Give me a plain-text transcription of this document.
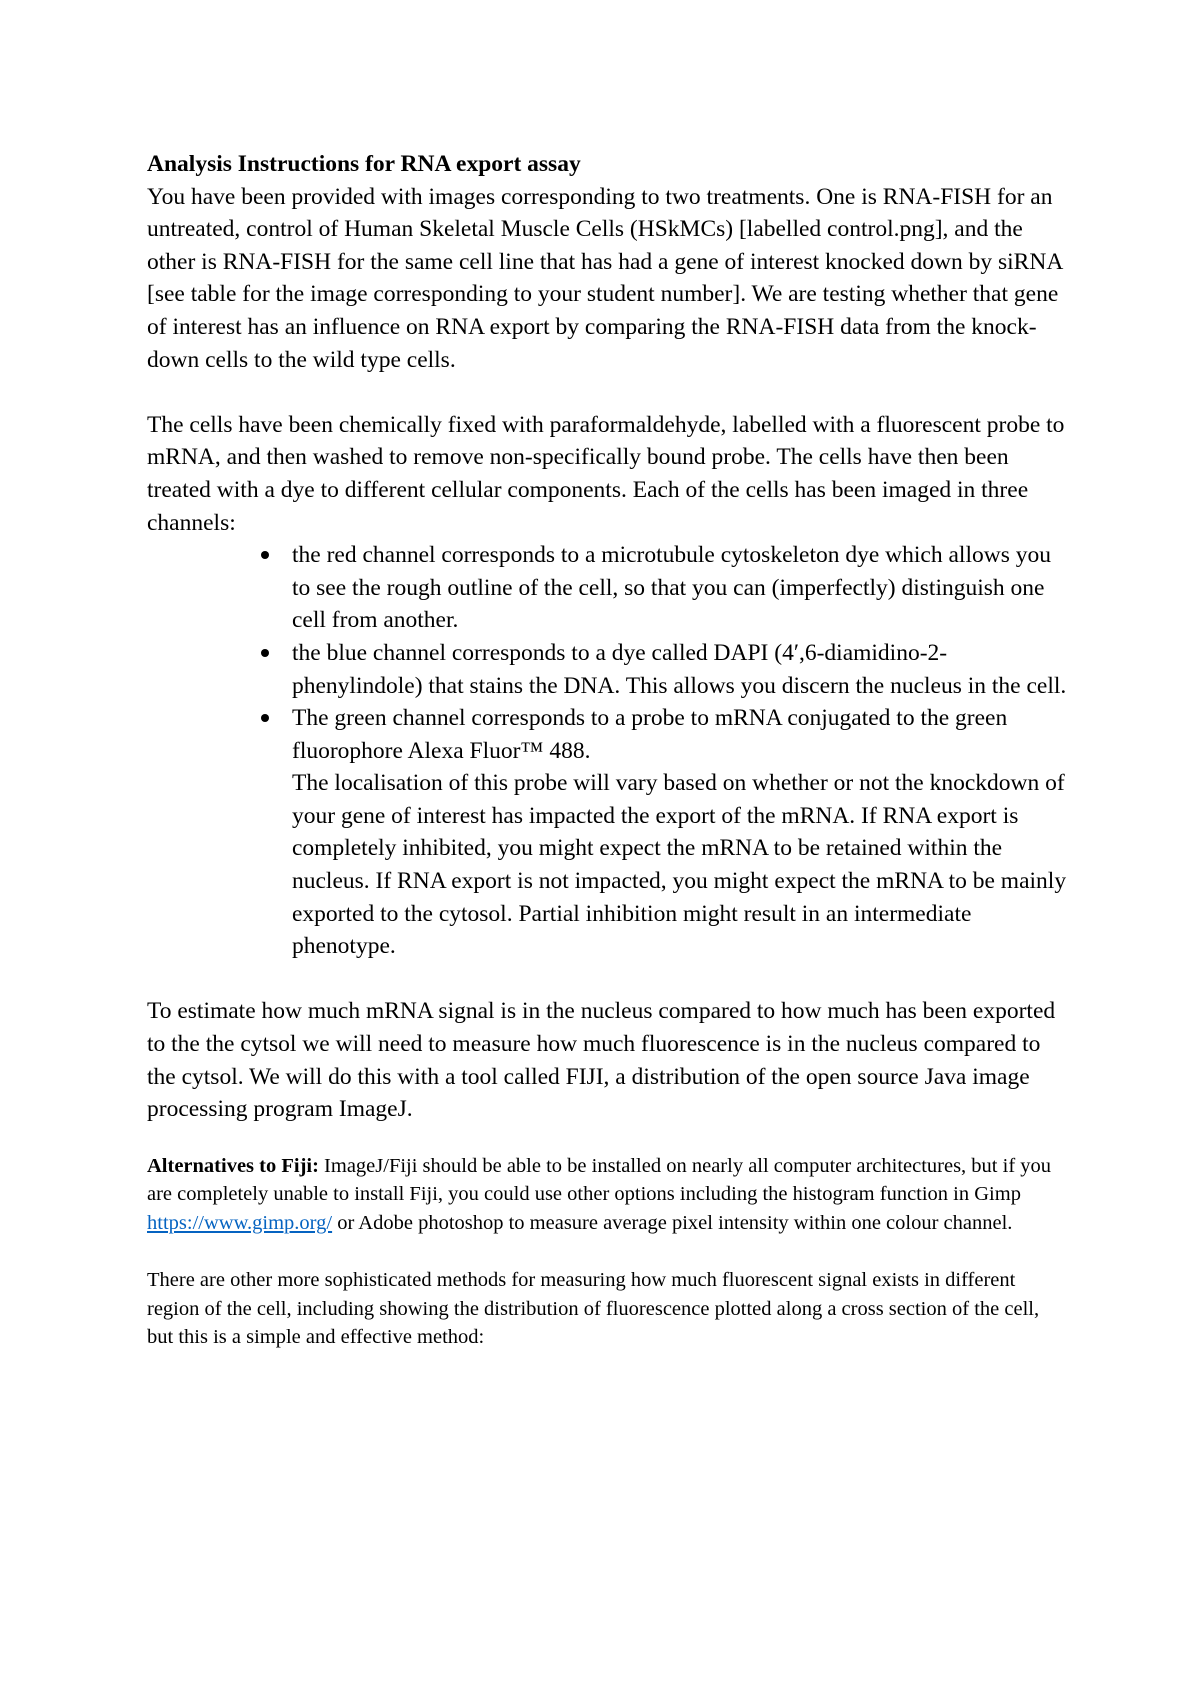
Analysis Instructions for RNA export assay

You have been provided with images corresponding to two treatments. One is RNA-FISH for an untreated, control of Human Skeletal Muscle Cells (HSkMCs) [labelled control.png], and the other is RNA-FISH for the same cell line that has had a gene of interest knocked down by siRNA [see table for the image corresponding to your student number]. We are testing whether that gene of interest has an influence on RNA export by comparing the RNA-FISH data from the knock-down cells to the wild type cells.

The cells have been chemically fixed with paraformaldehyde, labelled with a fluorescent probe to mRNA, and then washed to remove non-specifically bound probe. The cells have then been treated with a dye to different cellular components. Each of the cells has been imaged in three channels:

the red channel corresponds to a microtubule cytoskeleton dye which allows you to see the rough outline of the cell, so that you can (imperfectly) distinguish one cell from another.
the blue channel corresponds to a dye called DAPI (4′,6-diamidino-2-phenylindole) that stains the DNA. This allows you discern the nucleus in the cell.
The green channel corresponds to a probe to mRNA conjugated to the green fluorophore Alexa Fluor™ 488.

The localisation of this probe will vary based on whether or not the knockdown of your gene of interest has impacted the export of the mRNA. If RNA export is completely inhibited, you might expect the mRNA to be retained within the nucleus. If RNA export is not impacted, you might expect the mRNA to be mainly exported to the cytosol. Partial inhibition might result in an intermediate phenotype.

To estimate how much mRNA signal is in the nucleus compared to how much has been exported to the the cytsol we will need to measure how much fluorescence is in the nucleus compared to the cytsol. We will do this with a tool called FIJI, a distribution of the open source Java image processing program ImageJ.

Alternatives to Fiji: ImageJ/Fiji should be able to be installed on nearly all computer architectures, but if you are completely unable to install Fiji, you could use other options including the histogram function in Gimp https://www.gimp.org/ or Adobe photoshop to measure average pixel intensity within one colour channel.

There are other more sophisticated methods for measuring how much fluorescent signal exists in different region of the cell, including showing the distribution of fluorescence plotted along a cross section of the cell, but this is a simple and effective method:
